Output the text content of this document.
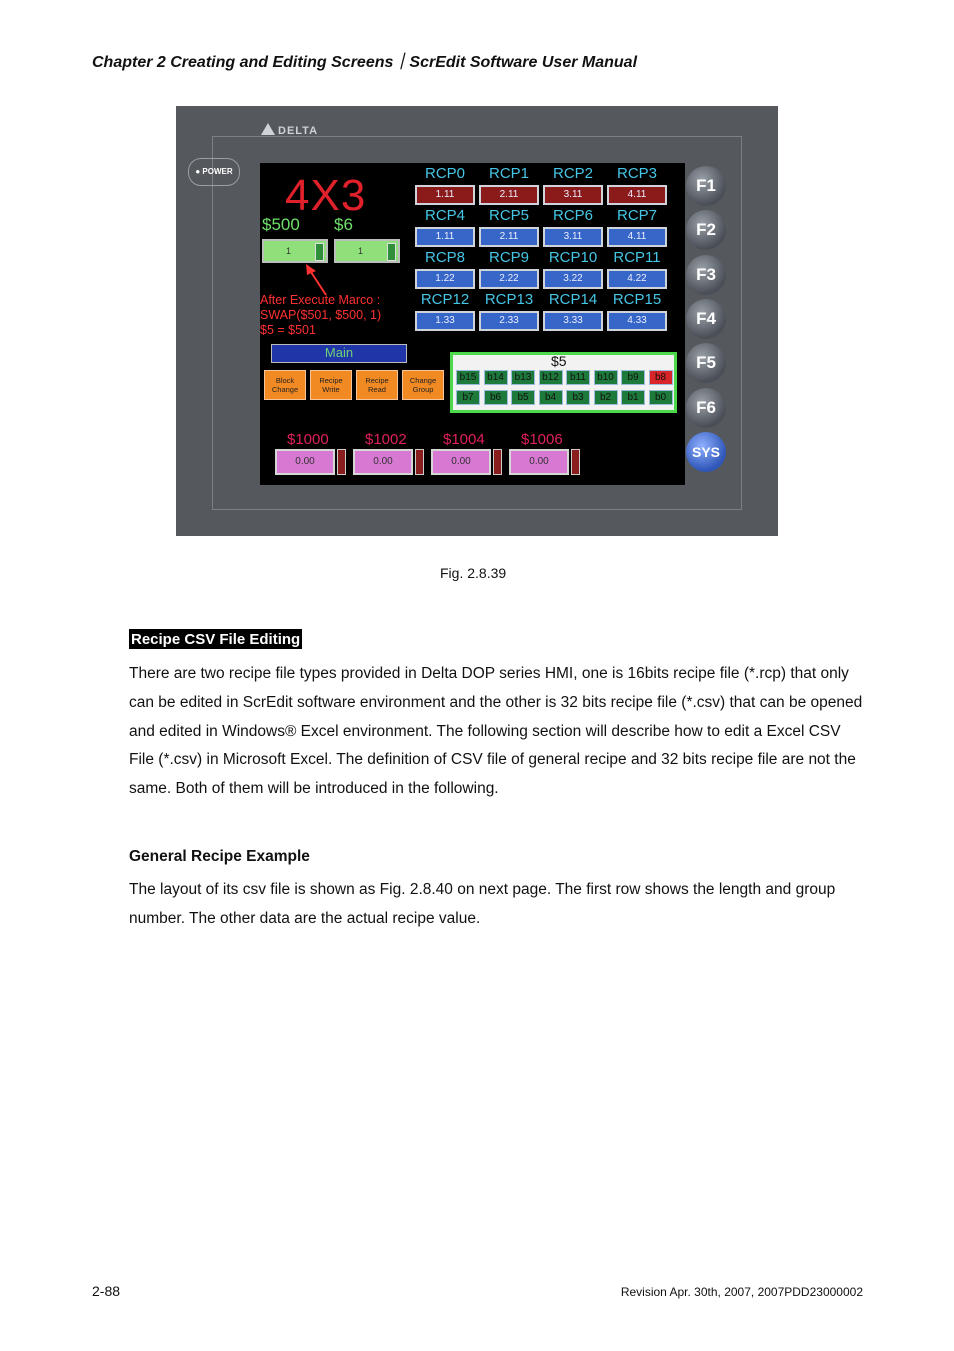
Chapter 2 Creating and Editing Screens｜ScrEdit Software User Manual
DELTA
● POWER 4X3
$500 $6
1	1
After Execute Marco :
SWAP($501, $500, 1)
$5 = $501
Main
Block
Change
Recipe
Write
Recipe
Read
Change
Group
RCP0
1.11
RCP1
2.11
RCP2
3.11
RCP3
4.11
RCP4
1.11
RCP5
2.11
RCP6
3.11
RCP7
4.11
RCP8
1.22
RCP9
2.22
RCP10
3.22
RCP11
4.22
RCP12
1.33
RCP13
2.33
RCP14
3.33
RCP15
4.33
$5
b15
b7
b14
b6
b13
b5
b12
b4
b11
b3
b10
b2
b9
b1
b8
b0
$1000
0.00
$1002
0.00
$1004
0.00
$1006
0.00
F1
F2
F3
F4
F5
F6
SYS
Fig. 2.8.39
Recipe CSV File Editing
There are two recipe file types provided in Delta DOP series HMI, one is 16bits recipe file (*.rcp) that only can be edited in ScrEdit software environment and the other is 32 bits recipe file (*.csv) that can be opened and edited in Windows® Excel environment. The following section will describe how to edit a Excel CSV File (*.csv) in Microsoft Excel. The definition of CSV file of general recipe and 32 bits recipe file are not the same. Both of them will be introduced in the following.
General Recipe Example
The layout of its csv file is shown as Fig. 2.8.40 on next page. The first row shows the length and group number. The other data are the actual recipe value.
2-88	Revision Apr. 30th, 2007, 2007PDD23000002
